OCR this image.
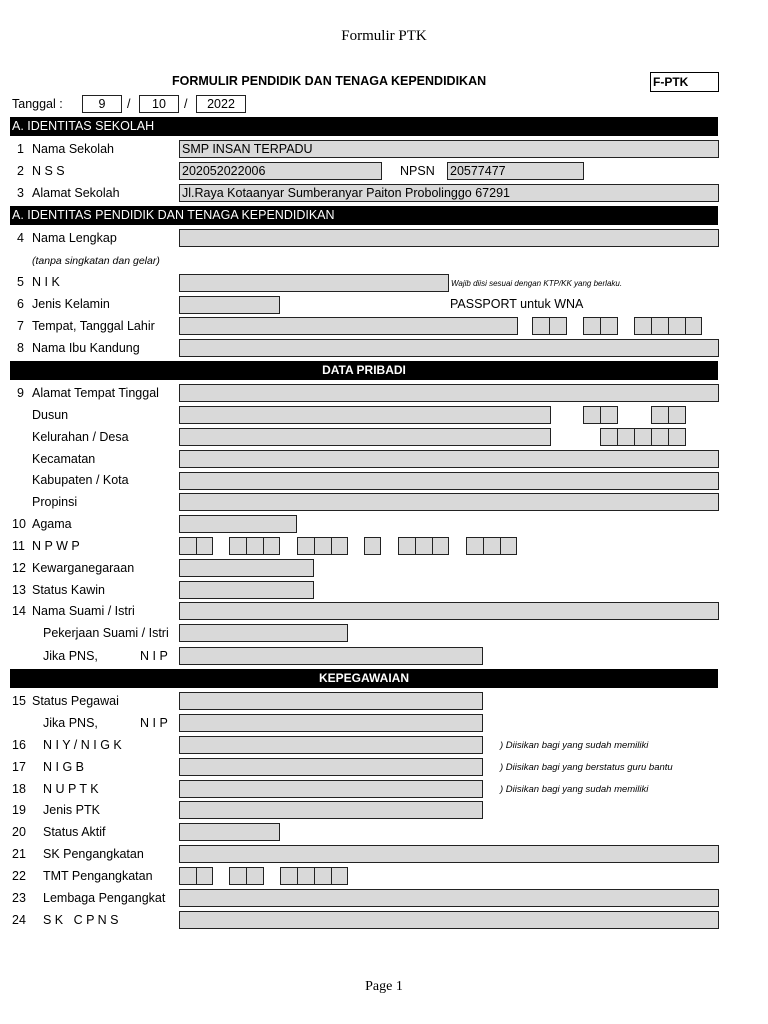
Formulir PTK
FORMULIR PENDIDIK DAN TENAGA KEPENDIDIKAN	F-PTK
Tanggal :	9	/	10	/	2022
A. IDENTITAS SEKOLAH
1 Nama Sekolah	SMP INSAN TERPADU
2 N S S	202052022006	NPSN 20577477
3 Alamat Sekolah	Jl.Raya Kotaanyar Sumberanyar Paiton Probolinggo 67291
A. IDENTITAS PENDIDIK DAN TENAGA KEPENDIDIKAN
4 Nama Lengkap
(tanpa singkatan dan gelar)
5 N I K	Wajib diisi sesuai dengan KTP/KK yang berlaku.
6 Jenis Kelamin	PASSPORT untuk WNA
7 Tempat, Tanggal Lahir
8 Nama Ibu Kandung
DATA PRIBADI
9 Alamat Tempat Tinggal
Dusun
Kelurahan / Desa
Kecamatan
Kabupaten / Kota
Propinsi
10 Agama
11 N P W P
12 Kewarganegaraan
13 Status Kawin
14 Nama Suami / Istri
Pekerjaan Suami / Istri
Jika PNS,	N I P
KEPEGAWAIAN
15 Status Pegawai
Jika PNS,	N I P
16 N I Y / N I G K	) Diisikan bagi yang sudah memiliki
17 N I G B	) Diisikan bagi yang berstatus guru bantu
18 N U P T K	) Diisikan bagi yang sudah memiliki
19 Jenis PTK
20 Status Aktif
21 SK Pengangkatan
22 TMT Pengangkatan
23 Lembaga Pengangkat
24 S K   C P N S
Page 1
